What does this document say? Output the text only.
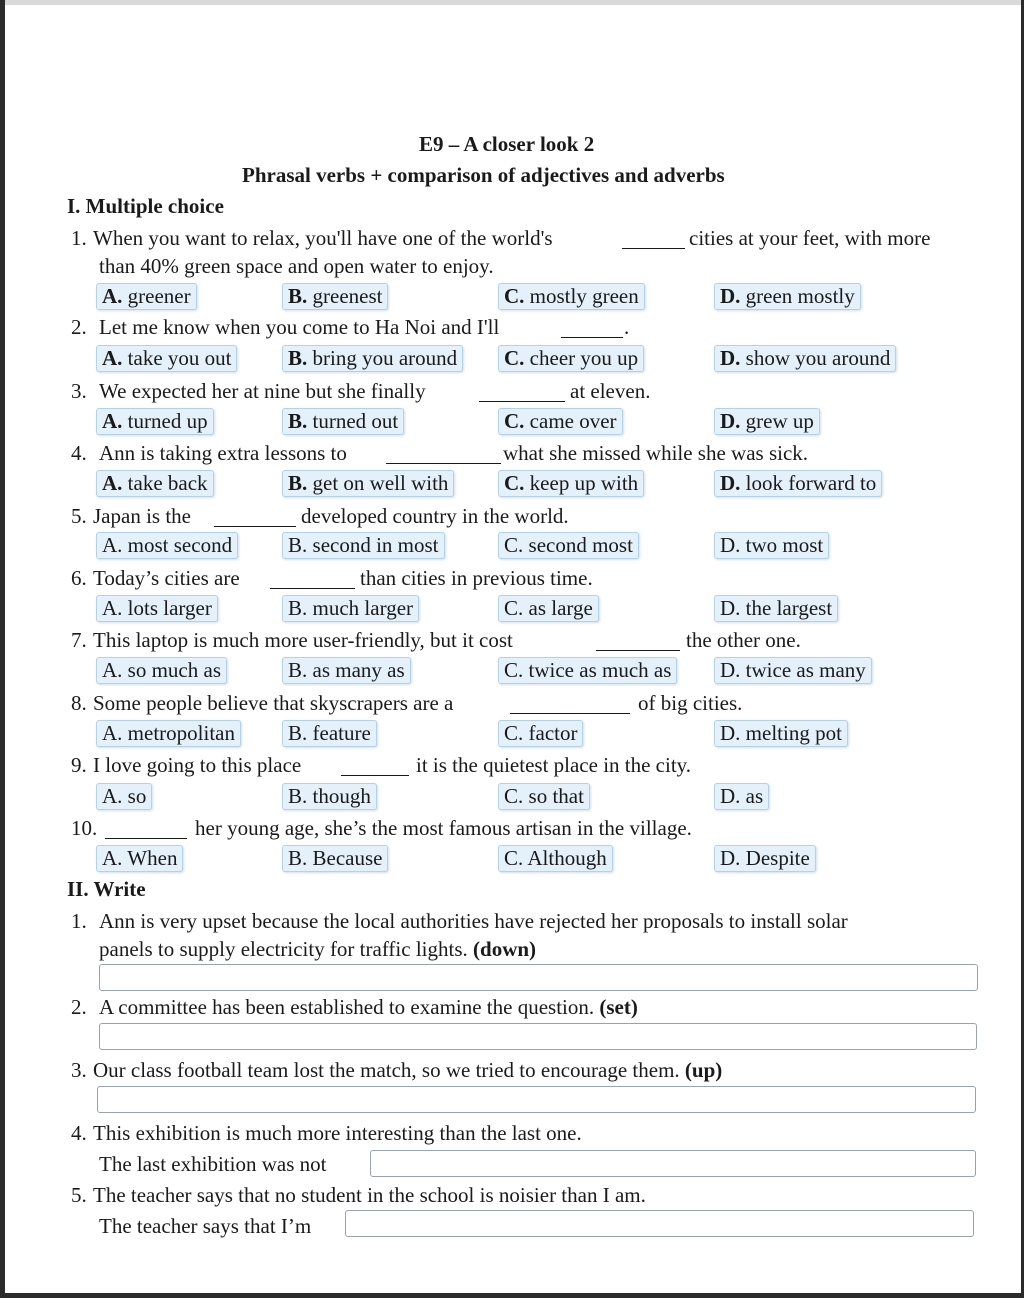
E9 – A closer look 2
Phrasal verbs + comparison of adjectives and adverbs
I. Multiple choice
1. When you want to relax, you'll have one of the world's	cities at your feet, with more
than 40% green space and open water to enjoy.
A. greener	B. greenest	C. mostly green	D. green mostly
2. Let me know when you come to Ha Noi and I'll	.
A. take you out	B. bring you around C. cheer you up	D. show you around
3. We expected her at nine but she finally	at eleven.
A. turned up	B. turned out	C. came over	D. grew up
4. Ann is taking extra lessons to	what she missed while she was sick.
A. take back	B. get on well with	C. keep up with	D. look forward to
5. Japan is the	developed country in the world.
A. most second	B. second in most	C. second most	D. two most
6. Today’s cities are	than cities in previous time.
A. lots larger	B. much larger	C. as large	D. the largest
7. This laptop is much more user-friendly, but it cost	the other one.
A. so much as	B. as many as	C. twice as much as D. twice as many
8. Some people believe that skyscrapers are a	of big cities.
A. metropolitan	B. feature	C. factor	D. melting pot
9. I love going to this place	it is the quietest place in the city.
A. so	B. though	C. so that	D. as
10.	her young age, she’s the most famous artisan in the village.
A. When	B. Because	C. Although	D. Despite
II. Write
1. Ann is very upset because the local authorities have rejected her proposals to install solar
panels to supply electricity for traffic lights. (down)
2. A committee has been established to examine the question. (set)
3. Our class football team lost the match, so we tried to encourage them. (up)
4. This exhibition is much more interesting than the last one.
The last exhibition was not
5. The teacher says that no student in the school is noisier than I am.
The teacher says that I’m
